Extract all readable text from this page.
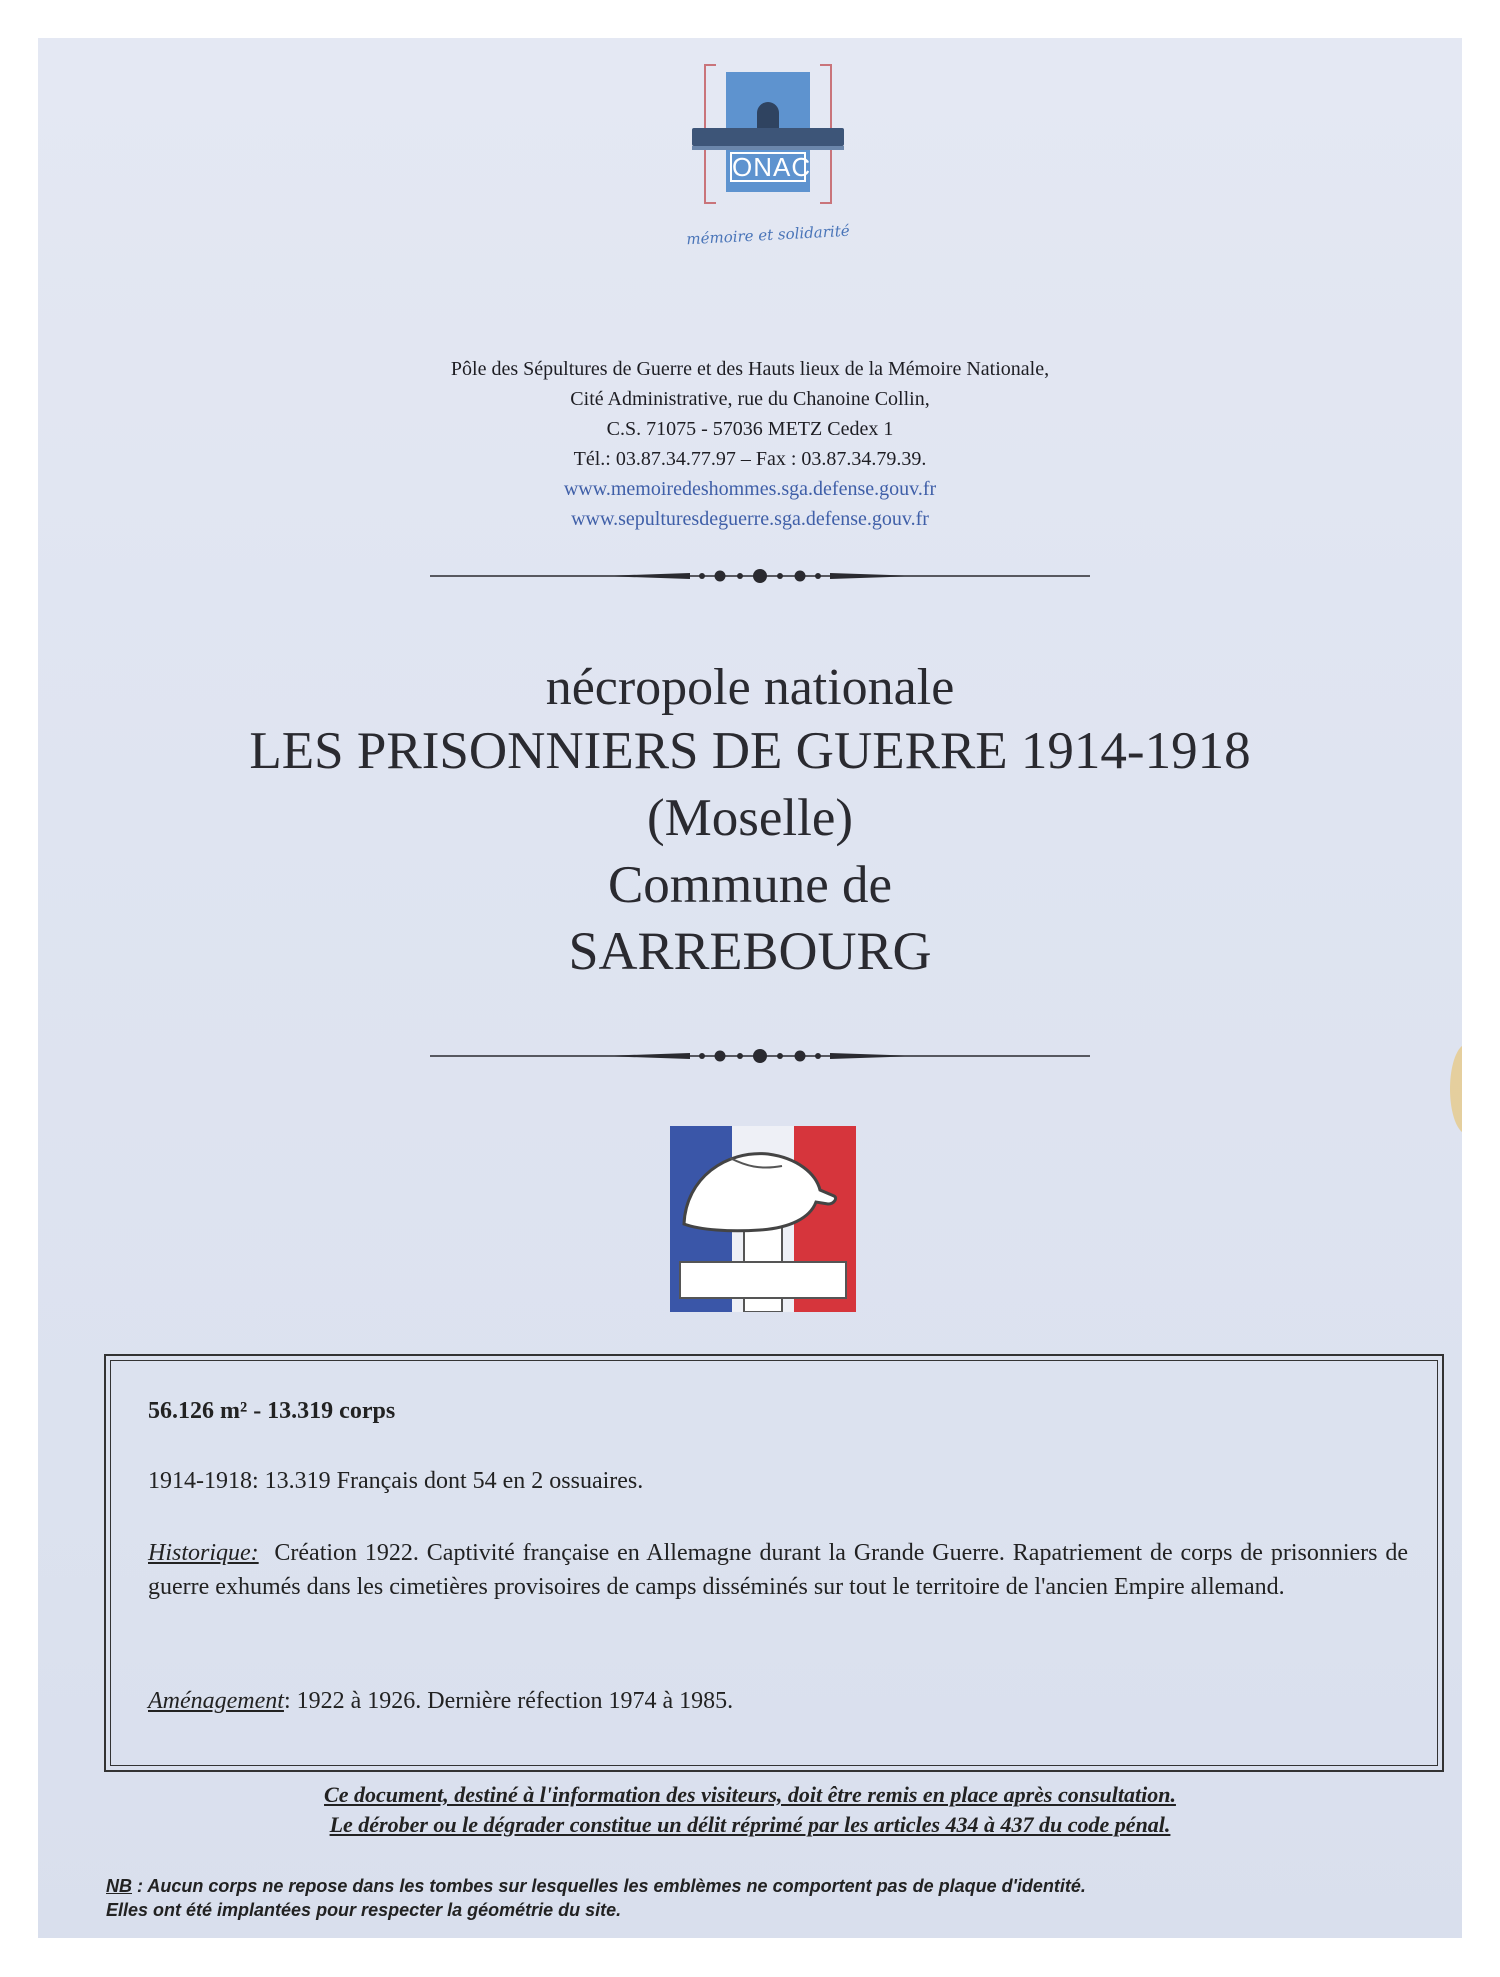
ONAC
mémoire et solidarité
Pôle des Sépultures de Guerre et des Hauts lieux de la Mémoire Nationale,
Cité Administrative, rue du Chanoine Collin,
C.S. 71075 - 57036 METZ Cedex 1
Tél.: 03.87.34.77.97 – Fax : 03.87.34.79.39.
www.memoiredeshommes.sga.defense.gouv.fr
www.sepulturesdeguerre.sga.defense.gouv.fr
nécropole nationale
LES PRISONNIERS DE GUERRE 1914-1918
(Moselle)
Commune de
SARREBOURG

56.126 m² - 13.319 corps

1914-1918: 13.319 Français dont 54 en 2 ossuaires.

Historique: Création 1922. Captivité française en Allemagne durant la Grande Guerre. Rapatriement de corps de prisonniers de guerre exhumés dans les cimetières provisoires de camps disséminés sur tout le territoire de l'ancien Empire allemand.

Aménagement: 1922 à 1926. Dernière réfection 1974 à 1985.

Ce document, destiné à l'information des visiteurs, doit être remis en place après consultation.
Le dérober ou le dégrader constitue un délit réprimé par les articles 434 à 437 du code pénal.
NB : Aucun corps ne repose dans les tombes sur lesquelles les emblèmes ne comportent pas de plaque d'identité.
Elles ont été implantées pour respecter la géométrie du site.
